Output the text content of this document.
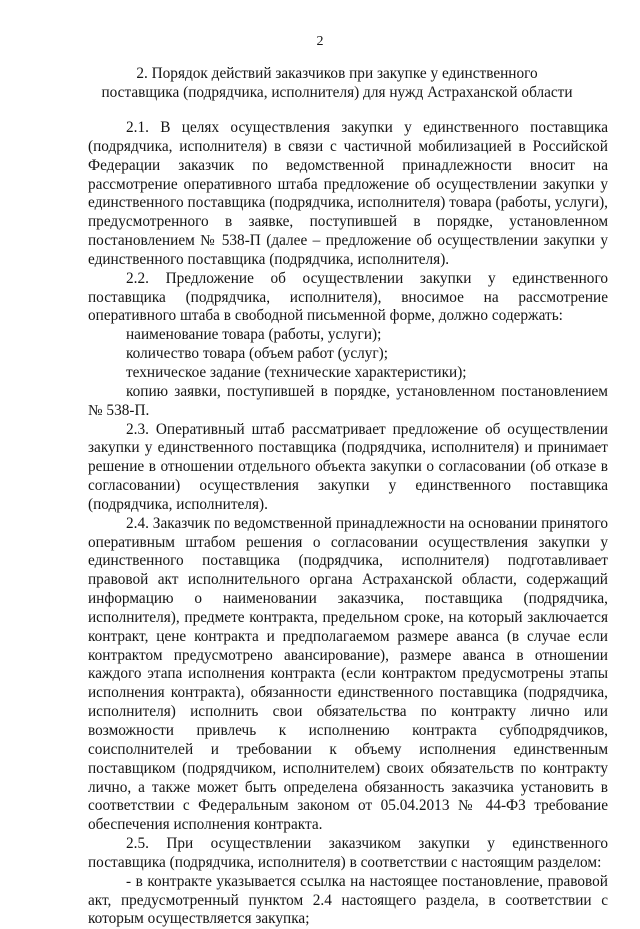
2
2. Порядок действий заказчиков при закупке у единственного поставщика (подрядчика, исполнителя) для нужд Астраханской области

2.1. В целях осуществления закупки у единственного поставщика (подрядчика, исполнителя) в связи с частичной мобилизацией в Российской Федерации заказчик по ведомственной принадлежности вносит на рассмотрение оперативного штаба предложение об осуществлении закупки у единственного поставщика (подрядчика, исполнителя) товара (работы, услуги), предусмотренного в заявке, поступившей в порядке, установленном постановлением № 538-П (далее – предложение об осуществлении закупки у единственного поставщика (подрядчика, исполнителя).

2.2. Предложение об осуществлении закупки у единственного поставщика (подрядчика, исполнителя), вносимое на рассмотрение оперативного штаба в свободной письменной форме, должно содержать:

наименование товара (работы, услуги);

количество товара (объем работ (услуг);

техническое задание (технические характеристики);

копию заявки, поступившей в порядке, установленном постановлением № 538-П.

2.3. Оперативный штаб рассматривает предложение об осуществлении закупки у единственного поставщика (подрядчика, исполнителя) и принимает решение в отношении отдельного объекта закупки о согласовании (об отказе в согласовании) осуществления закупки у единственного поставщика (подрядчика, исполнителя).

2.4. Заказчик по ведомственной принадлежности на основании принятого оперативным штабом решения о согласовании осуществления закупки у единственного поставщика (подрядчика, исполнителя) подготавливает правовой акт исполнительного органа Астраханской области, содержащий информацию о наименовании заказчика, поставщика (подрядчика, исполнителя), предмете контракта, предельном сроке, на который заключается контракт, цене контракта и предполагаемом размере аванса (в случае если контрактом предусмотрено авансирование), размере аванса в отношении каждого этапа исполнения контракта (если контрактом предусмотрены этапы исполнения контракта), обязанности единственного поставщика (подрядчика, исполнителя) исполнить свои обязательства по контракту лично или возможности привлечь к исполнению контракта субподрядчиков, соисполнителей и требовании к объему исполнения единственным поставщиком (подрядчиком, исполнителем) своих обязательств по контракту лично, а также может быть определена обязанность заказчика установить в соответствии с Федеральным законом от 05.04.2013 № 44-ФЗ требование обеспечения исполнения контракта.

2.5. При осуществлении заказчиком закупки у единственного поставщика (подрядчика, исполнителя) в соответствии с настоящим разделом:

- в контракте указывается ссылка на настоящее постановление, правовой акт, предусмотренный пунктом 2.4 настоящего раздела, в соответствии с которым осуществляется закупка;
